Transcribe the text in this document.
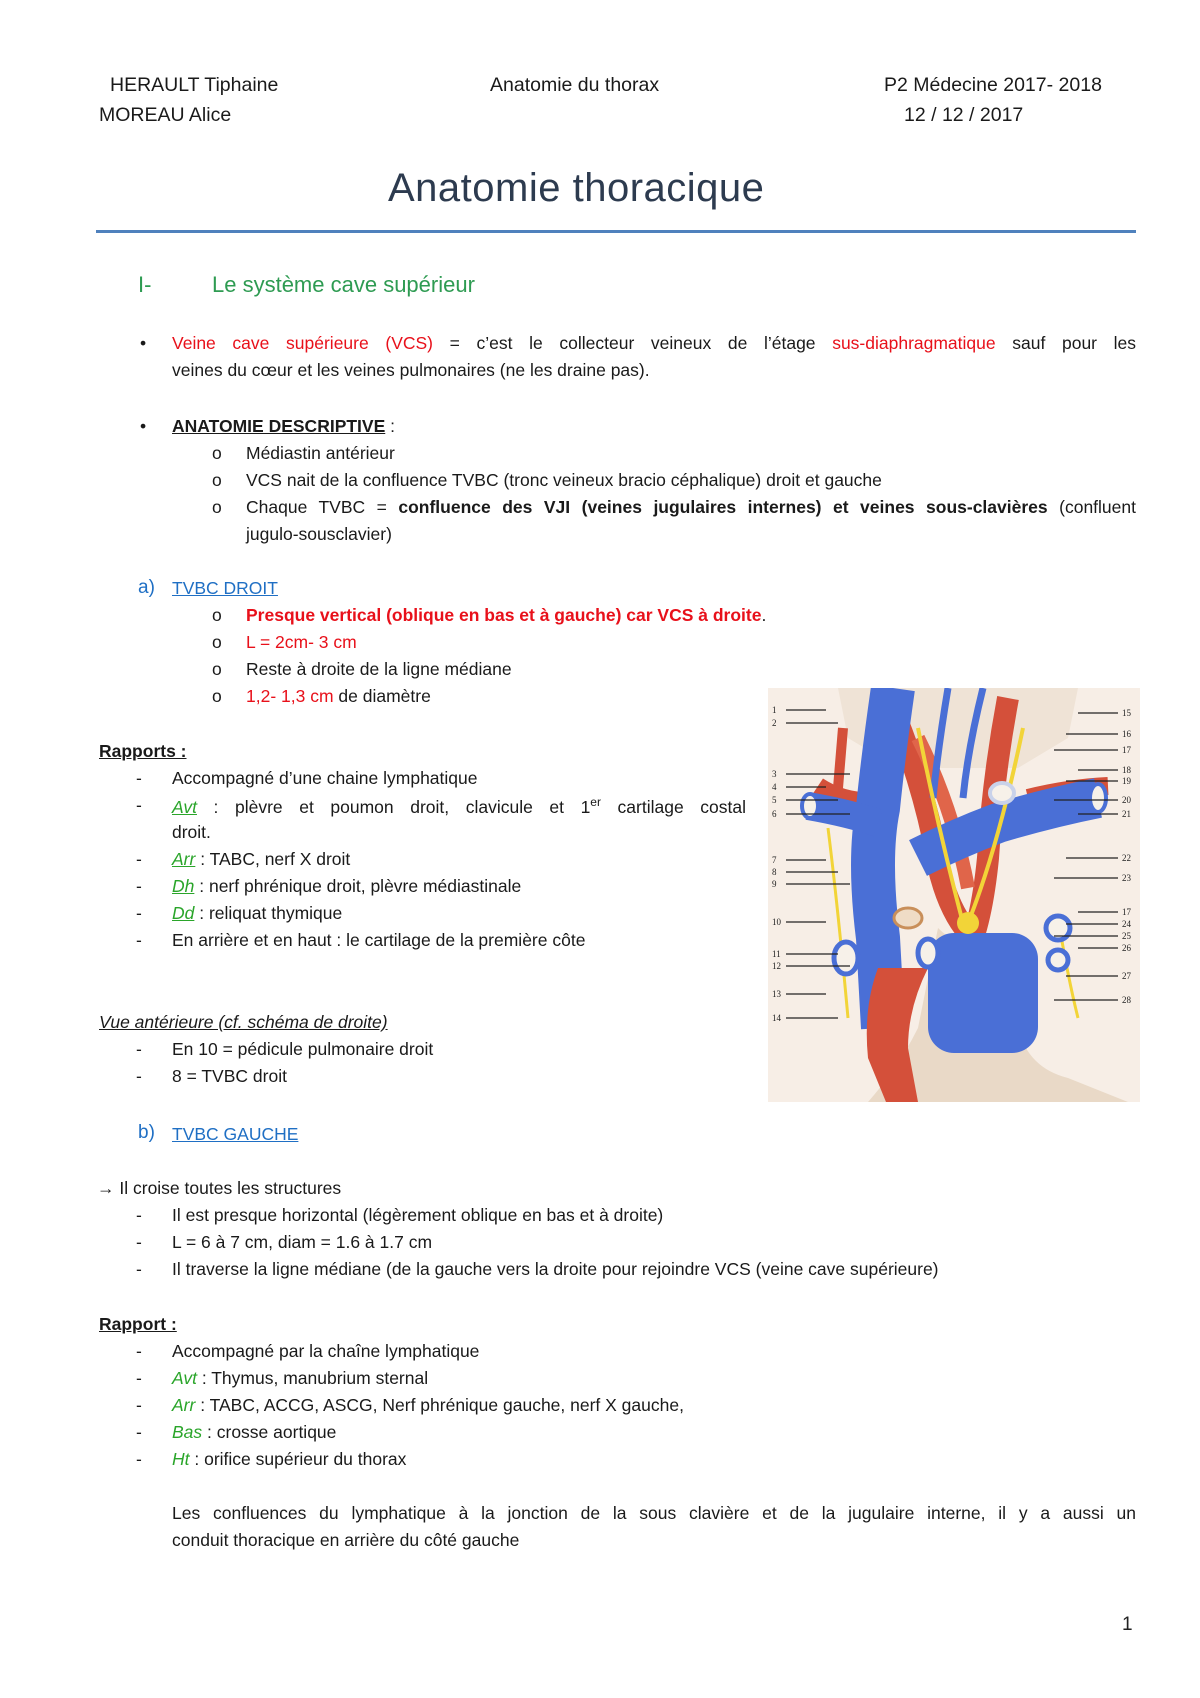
HERAULT Tiphaine
MOREAU Alice
Anatomie du thorax	P2 Médecine 2017- 2018
12 / 12 / 2017
Anatomie thoracique
I-	Le système cave supérieur
• Veine cave supérieure (VCS) = c’est le collecteur veineux de l’étage sus-diaphragmatique sauf pour les
veines du cœur et les veines pulmonaires (ne les draine pas).
• ANATOMIE DESCRIPTIVE :
o Médiastin antérieur
o VCS nait de la confluence TVBC (tronc veineux bracio céphalique) droit et gauche
o Chaque TVBC = confluence des VJI (veines jugulaires internes) et veines sous-clavières (confluent
jugulo-sousclavier)
a) TVBC DROIT
o Presque vertical (oblique en bas et à gauche) car VCS à droite.
o L = 2cm- 3 cm
o Reste à droite de la ligne médiane
o 1,2- 1,3 cm de diamètre
Rapports :
- Accompagné d’une chaine lymphatique
- Avt : plèvre et poumon droit, clavicule et 1er cartilage costal
droit.
- Arr : TABC, nerf X droit
- Dh : nerf phrénique droit, plèvre médiastinale
- Dd : reliquat thymique
- En arrière et en haut : le cartilage de la première côte
Vue antérieure (cf. schéma de droite)
- En 10 = pédicule pulmonaire droit
- 8 = TVBC droit
1
2
3
4
5
6
7
8
9
10
11
12
13
14
15
16
17
18
19
20
21
22
23
17
24
25
26
27
28
b) TVBC GAUCHE
→ Il croise toutes les structures
- Il est presque horizontal (légèrement oblique en bas et à droite)
- L = 6 à 7 cm, diam = 1.6 à 1.7 cm
- Il traverse la ligne médiane (de la gauche vers la droite pour rejoindre VCS (veine cave supérieure)
Rapport :
- Accompagné par la chaîne lymphatique
- Avt : Thymus, manubrium sternal
- Arr : TABC, ACCG, ASCG, Nerf phrénique gauche, nerf X gauche,
- Bas : crosse aortique
- Ht : orifice supérieur du thorax
Les confluences du lymphatique à la jonction de la sous clavière et de la jugulaire interne, il y a aussi un
conduit thoracique en arrière du côté gauche
1
